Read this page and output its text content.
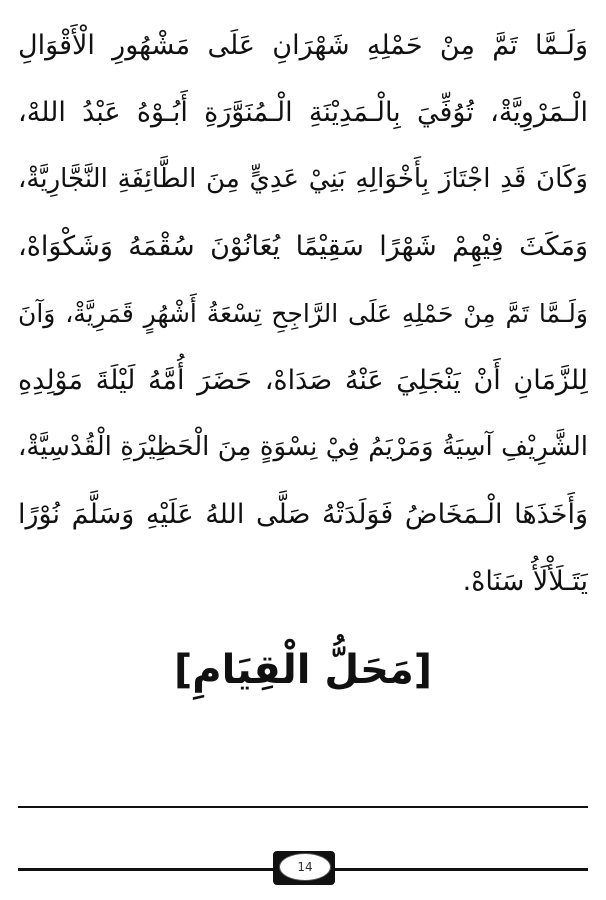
وَلَـمَّا تَمَّ مِنْ حَمْلِهِ شَهْرَانِ عَلَى مَشْهُورِ الْأَقْوَالِ
الْـمَرْوِيَّةْ، تُوُفِّيَ بِالْـمَدِيْنَةِ الْـمُنَوَّرَةِ أَبُـوْهُ عَبْدُ اللهْ،
وَكَانَ قَدِ اجْتَازَ بِأَخْوَالِهِ بَنِيْ عَدِيٍّ مِنَ الطَّائِفَةِ النَّجَّارِيَّةْ،
وَمَكَثَ فِيْهِمْ شَهْرًا سَقِيْمًا يُعَانُوْنَ سُقْمَهُ وَشَكْوَاهْ،
وَلَـمَّا تَمَّ مِنْ حَمْلِهِ عَلَى الرَّاجِحِ تِسْعَةُ أَشْهُرٍ قَمَرِيَّةْ، وَآنَ
لِلزَّمَانِ أَنْ يَنْجَلِيَ عَنْهُ صَدَاهْ، حَضَرَ أُمَّهُ لَيْلَةَ مَوْلِدِهِ
الشَّرِيْفِ آسِيَةُ وَمَرْيَمُ فِيْ نِسْوَةٍ مِنَ الْحَظِيْرَةِ الْقُدْسِيَّةْ،
وَأَخَذَهَا الْـمَخَاضُ فَوَلَدَتْهُ صَلَّى اللهُ عَلَيْهِ وَسَلَّمَ نُوْرًا
يَتَـلَأْلَأُ سَنَاهْ.
[مَحَلُّ الْقِيَامِ]
14
